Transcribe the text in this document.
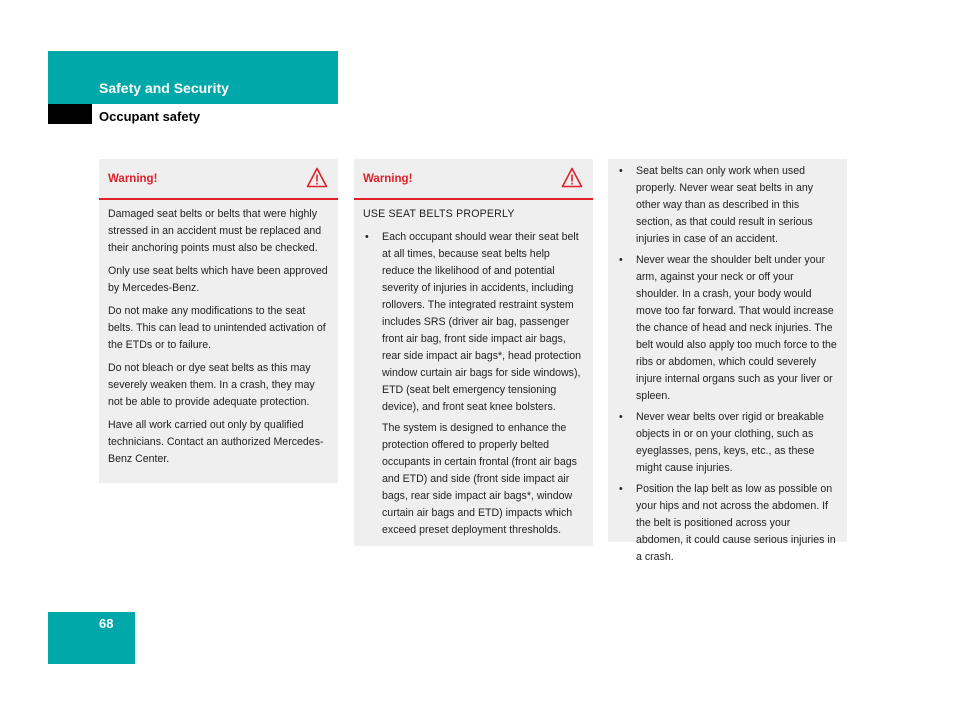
Safety and Security
Occupant safety
Warning!

Damaged seat belts or belts that were highly stressed in an accident must be replaced and their anchoring points must also be checked.

Only use seat belts which have been approved by Mercedes-Benz.

Do not make any modifications to the seat belts. This can lead to unintended activation of the ETDs or to failure.

Do not bleach or dye seat belts as this may severely weaken them. In a crash, they may not be able to provide adequate protection.

Have all work carried out only by qualified technicians. Contact an authorized Mercedes-Benz Center.

Warning!

USE SEAT BELTS PROPERLY

• Each occupant should wear their seat belt at all times, because seat belts help reduce the likelihood of and potential severity of injuries in accidents, including rollovers. The integrated restraint system includes SRS (driver air bag, passenger front air bag, front side impact air bags, rear side impact air bags*, head protection window curtain air bags for side windows), ETD (seat belt emergency tensioning device), and front seat knee bolsters.

The system is designed to enhance the protection offered to properly belted occupants in certain frontal (front air bags and ETD) and side (front side impact air bags, rear side impact air bags*, window curtain air bags and ETD) impacts which exceed preset deployment thresholds.

• Seat belts can only work when used properly. Never wear seat belts in any other way than as described in this section, as that could result in serious injuries in case of an accident.
• Never wear the shoulder belt under your arm, against your neck or off your shoulder. In a crash, your body would move too far forward. That would increase the chance of head and neck injuries. The belt would also apply too much force to the ribs or abdomen, which could severely injure internal organs such as your liver or spleen.
• Never wear belts over rigid or breakable objects in or on your clothing, such as eyeglasses, pens, keys, etc., as these might cause injuries.
• Position the lap belt as low as possible on your hips and not across the abdomen. If the belt is positioned across your abdomen, it could cause serious injuries in a crash.
68
